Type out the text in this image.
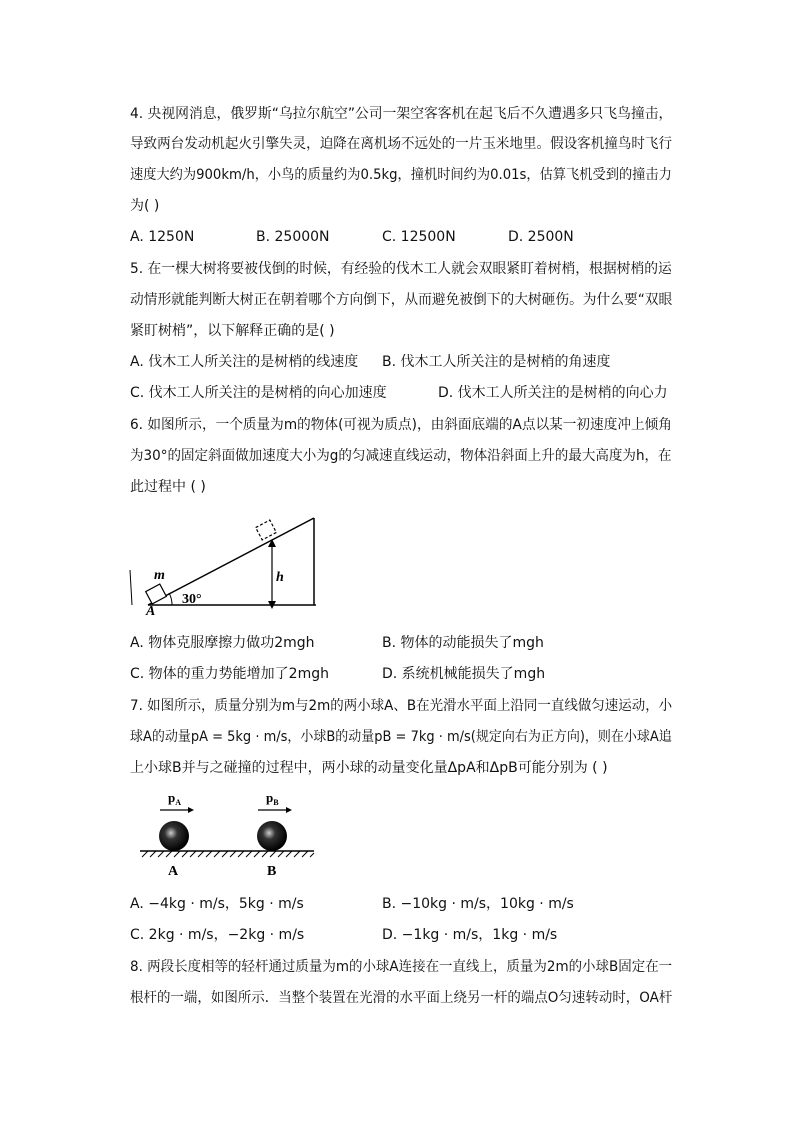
4. 央视网消息，俄罗斯“乌拉尔航空”公司一架空客客机在起飞后不久遭遇多只飞鸟撞击，
导致两台发动机起火引擎失灵，迫降在离机场不远处的一片玉米地里。假设客机撞鸟时飞行
速度大约为900km/h，小鸟的质量约为0.5kg，撞机时间约为0.01s，估算飞机受到的撞击力
为( )
A. 1250N	B. 25000N	C. 12500N	D. 2500N
5. 在一棵大树将要被伐倒的时候，有经验的伐木工人就会双眼紧盯着树梢，根据树梢的运
动情形就能判断大树正在朝着哪个方向倒下，从而避免被倒下的大树砸伤。为什么要“双眼
紧盯树梢”，以下解释正确的是( )
A. 伐木工人所关注的是树梢的线速度 B. 伐木工人所关注的是树梢的角速度
C. 伐木工人所关注的是树梢的向心加速度	D. 伐木工人所关注的是树梢的向心力
6. 如图所示，一个质量为m的物体(可视为质点)，由斜面底端的A点以某一初速度冲上倾角
为30°的固定斜面做加速度大小为g的匀减速直线运动，物体沿斜面上升的最大高度为h，在
此过程中 ( )
m
A
30°
h
A. 物体克服摩擦力做功2mgh	B. 物体的动能损失了mgh
C. 物体的重力势能增加了2mgh	D. 系统机械能损失了mgh
7. 如图所示，质量分别为m与2m的两小球A、B在光滑水平面上沿同一直线做匀速运动，小
球A的动量pA = 5kg · m/s，小球B的动量pB = 7kg · m/s(规定向右为正方向)，则在小球A追
上小球B并与之碰撞的过程中，两小球的动量变化量ΔpA和ΔpB可能分别为 ( )
$p_A$	$p_B$
A	B
A. −4kg · m/s，5kg · m/s	B. −10kg · m/s，10kg · m/s
C. 2kg · m/s，−2kg · m/s	D. −1kg · m/s，1kg · m/s
8. 两段长度相等的轻杆通过质量为m的小球A连接在一直线上，质量为2m的小球B固定在一
根杆的一端，如图所示．当整个装置在光滑的水平面上绕另一杆的端点O匀速转动时，OA杆
